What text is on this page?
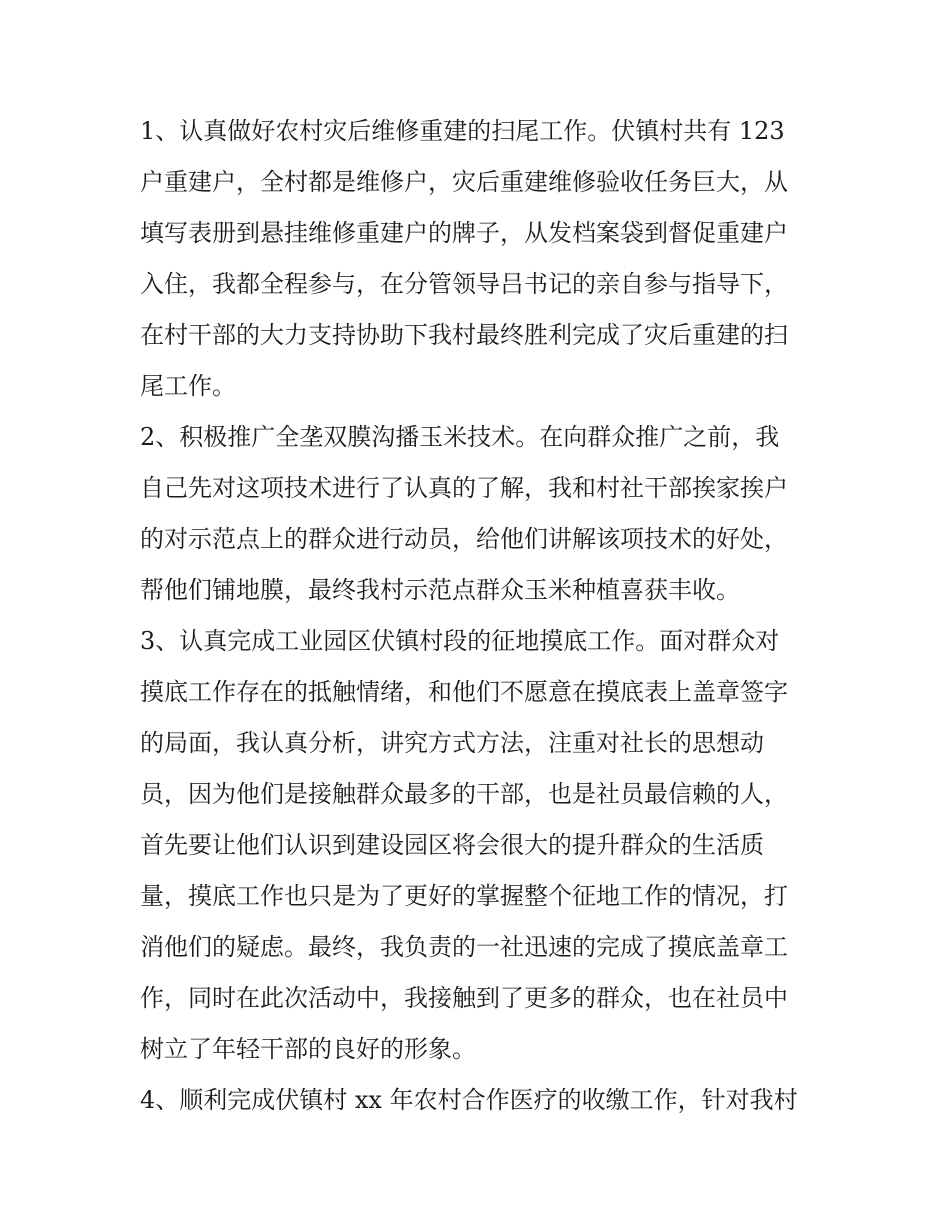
1、认真做好农村灾后维修重建的扫尾工作。伏镇村共有 123
户重建户，全村都是维修户，灾后重建维修验收任务巨大，从
填写表册到悬挂维修重建户的牌子，从发档案袋到督促重建户
入住，我都全程参与，在分管领导吕书记的亲自参与指导下，
在村干部的大力支持协助下我村最终胜利完成了灾后重建的扫
尾工作。
2、积极推广全垄双膜沟播玉米技术。在向群众推广之前，我
自己先对这项技术进行了认真的了解，我和村社干部挨家挨户
的对示范点上的群众进行动员，给他们讲解该项技术的好处，
帮他们铺地膜，最终我村示范点群众玉米种植喜获丰收。
3、认真完成工业园区伏镇村段的征地摸底工作。面对群众对
摸底工作存在的抵触情绪，和他们不愿意在摸底表上盖章签字
的局面，我认真分析，讲究方式方法，注重对社长的思想动
员，因为他们是接触群众最多的干部，也是社员最信赖的人，
首先要让他们认识到建设园区将会很大的提升群众的生活质
量，摸底工作也只是为了更好的掌握整个征地工作的情况，打
消他们的疑虑。最终，我负责的一社迅速的完成了摸底盖章工
作，同时在此次活动中，我接触到了更多的群众，也在社员中
树立了年轻干部的良好的形象。
4、顺利完成伏镇村 xx 年农村合作医疗的收缴工作，针对我村
